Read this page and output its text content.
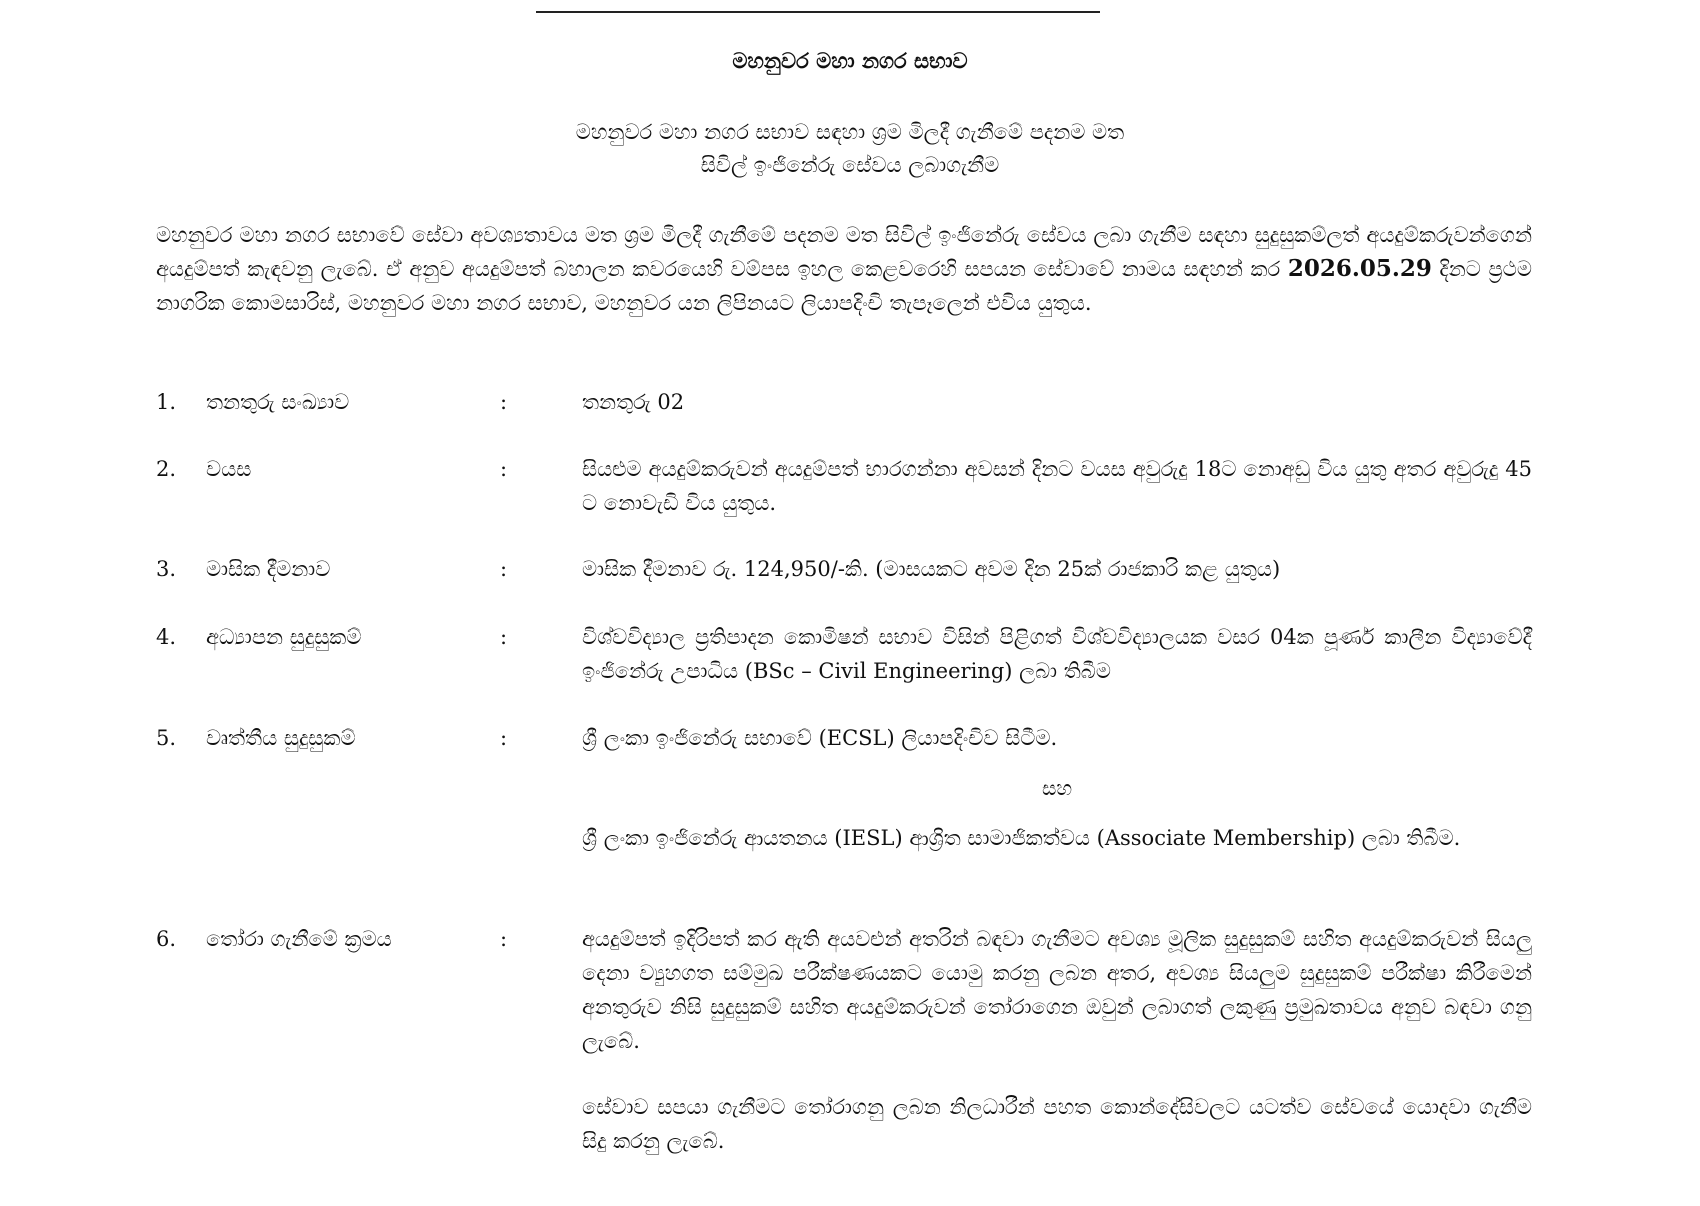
මහනුවර මහා නගර සභාව
මහනුවර මහා නගර සභාව සඳහා ශ්‍රම මිලදී ගැනීමේ පදනම මත
සිවිල් ඉංජිනේරු සේවය ලබාගැනීම
මහනුවර මහා නගර සභාවේ සේවා අවශ්‍යතාවය මත ශ්‍රම මිලදී ගැනීමේ පදනම මත සිවිල් ඉංජිනේරු සේවය ලබා ගැනීම සඳහා සුදුසුකම්ලත් අයදුම්කරුවන්ගෙන් අයදුම්පත් කැඳවනු ලැබේ. ඒ අනුව අයදුම්පත් බහාලන කවරයෙහි වම්පස ඉහල කෙළවරෙහි සපයන සේවාවේ නාමය සඳහන් කර 2026.05.29 දිනට ප්‍රථම නාගරික කොමසාරිස්, මහනුවර මහා නගර සභාව, මහනුවර යන ලිපිනයට ලියාපදිංචි තැපෑලෙන් එවිය යුතුය.
1. තනතුරු සංඛ්‍යාව	:	තනතුරු 02
2. වයස	:	සියළුම අයදුම්කරුවන් අයදුම්පත් භාරගන්නා අවසන් දිනට වයස අවුරුදු 18ට නොඅඩු විය යුතු අතර අවුරුදු 45 ට නොවැඩි විය යුතුය.
3. මාසික දීමනාව	:	මාසික දීමනාව රු. 124,950/-කි. (මාසයකට අවම දින 25ක් රාජකාරි කළ යුතුය)
4. අධ්‍යාපන සුදුසුකම්	:	විශ්වවිද්‍යාල ප්‍රතිපාදන කොමිෂන් සභාව විසින් පිළිගත් විශ්වවිද්‍යාලයක වසර 04ක පූර්ණ කාලීන විද්‍යාවේදී ඉංජිනේරු උපාධිය (BSc – Civil Engineering) ලබා තිබීම
5. වෘත්තීය සුදුසුකම්	:	ශ්‍රී ලංකා ඉංජිනේරු සභාවේ (ECSL) ලියාපදිංචිව සිටීම.
සහ
ශ්‍රී ලංකා ඉංජිනේරු ආයතනය (IESL) ආශ්‍රිත සාමාජිකත්වය (Associate Membership) ලබා තිබීම.
6. තෝරා ගැනීමේ ක්‍රමය	:	අයදුම්පත් ඉදිරිපත් කර ඇති අයවළුන් අතරින් බඳවා ගැනීමට අවශ්‍ය මූලික සුදුසුකම් සහිත අයදුම්කරුවන් සියලු දෙනා ව්‍යුහගත සම්මුඛ පරීක්ෂණයකට යොමු කරනු ලබන අතර, අවශ්‍ය සියලුම සුදුසුකම් පරීක්ෂා කිරීමෙන් අනතුරුව නිසි සුදුසුකම් සහිත අයදුම්කරුවන් තෝරාගෙන ඔවුන් ලබාගත් ලකුණු ප්‍රමුඛතාවය අනුව බඳවා ගනු ලැබේ.
සේවාව සපයා ගැනීමට තෝරාගනු ලබන නිලධාරීන් පහත කොන්දේසිවලට යටත්ව සේවයේ යොදවා ගැනීම සිදු කරනු ලැබේ.
